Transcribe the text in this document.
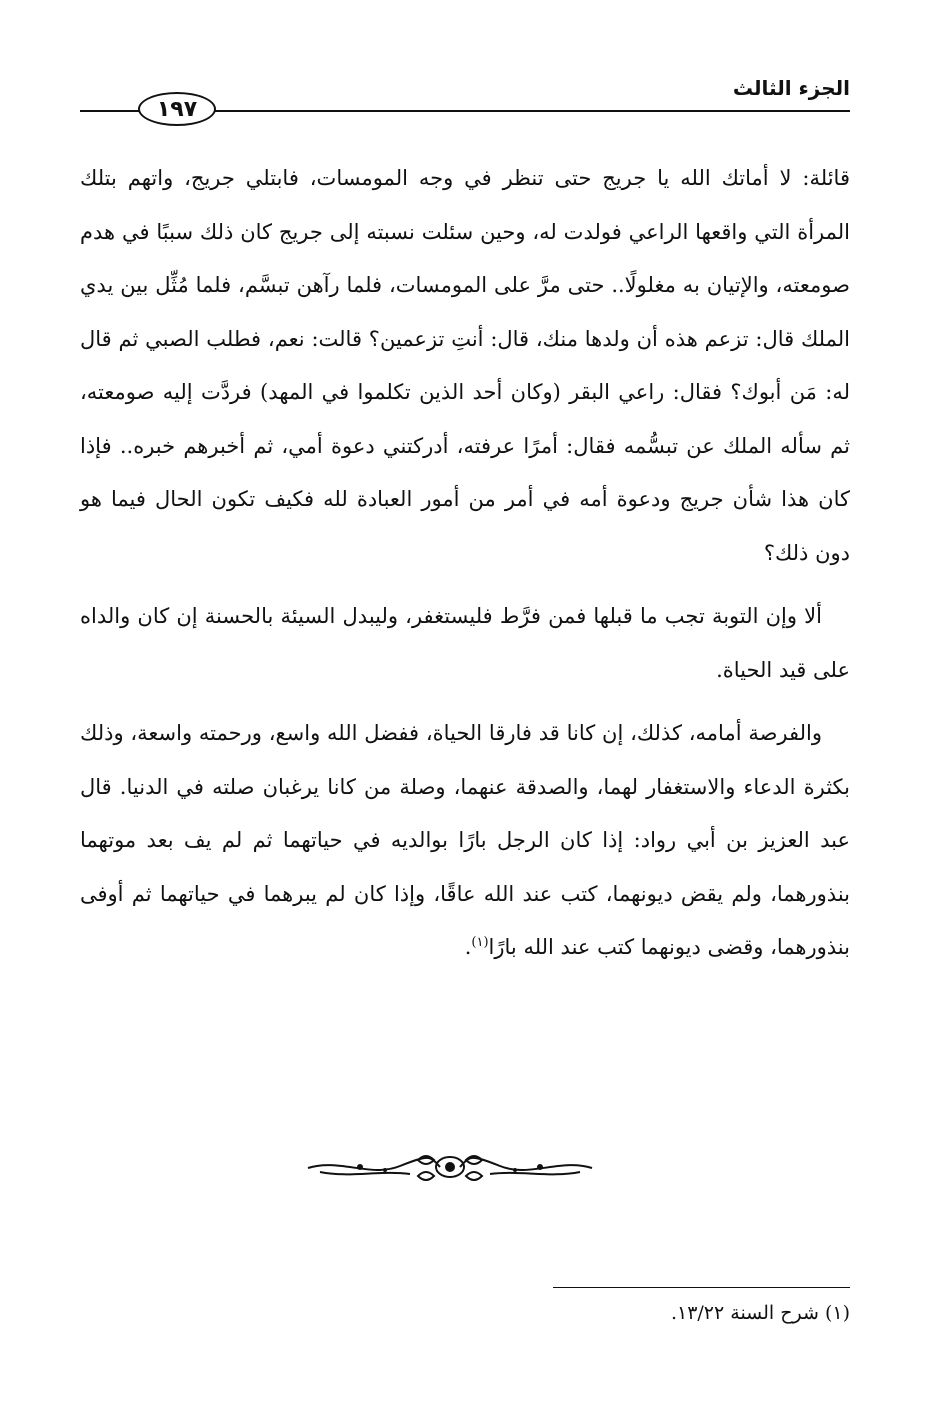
الجزء الثالث
١٩٧

قائلة: لا أماتك الله يا جريج حتى تنظر في وجه المومسات، فابتلي جريج، واتهم بتلك المرأة التي واقعها الراعي فولدت له، وحين سئلت نسبته إلى جريج كان ذلك سببًا في هدم صومعته، والإتيان به مغلولًا.. حتى مرَّ على المومسات، فلما رآهن تبسَّم، فلما مُثِّل بين يدي الملك قال: تزعم هذه أن ولدها منك، قال: أنتِ تزعمين؟ قالت: نعم، فطلب الصبي ثم قال له: مَن أبوك؟ فقال: راعي البقر (وكان أحد الذين تكلموا في المهد) فردَّت إليه صومعته، ثم سأله الملك عن تبسُّمه فقال: أمرًا عرفته، أدركتني دعوة أمي، ثم أخبرهم خبره.. فإذا كان هذا شأن جريج ودعوة أمه في أمر من أمور العبادة لله فكيف تكون الحال فيما هو دون ذلك؟

ألا وإن التوبة تجب ما قبلها فمن فرَّط فليستغفر، وليبدل السيئة بالحسنة إن كان والداه على قيد الحياة.

والفرصة أمامه، كذلك، إن كانا قد فارقا الحياة، ففضل الله واسع، ورحمته واسعة، وذلك بكثرة الدعاء والاستغفار لهما، والصدقة عنهما، وصلة من كانا يرغبان صلته في الدنيا. قال عبد العزيز بن أبي رواد: إذا كان الرجل بارًا بوالديه في حياتهما ثم لم يف بعد موتهما بنذورهما، ولم يقض ديونهما، كتب عند الله عاقًا، وإذا كان لم يبرهما في حياتهما ثم أوفى بنذورهما، وقضى ديونهما كتب عند الله بارًا$^{(١)}$.

(١) شرح السنة ١٣/٢٢.
